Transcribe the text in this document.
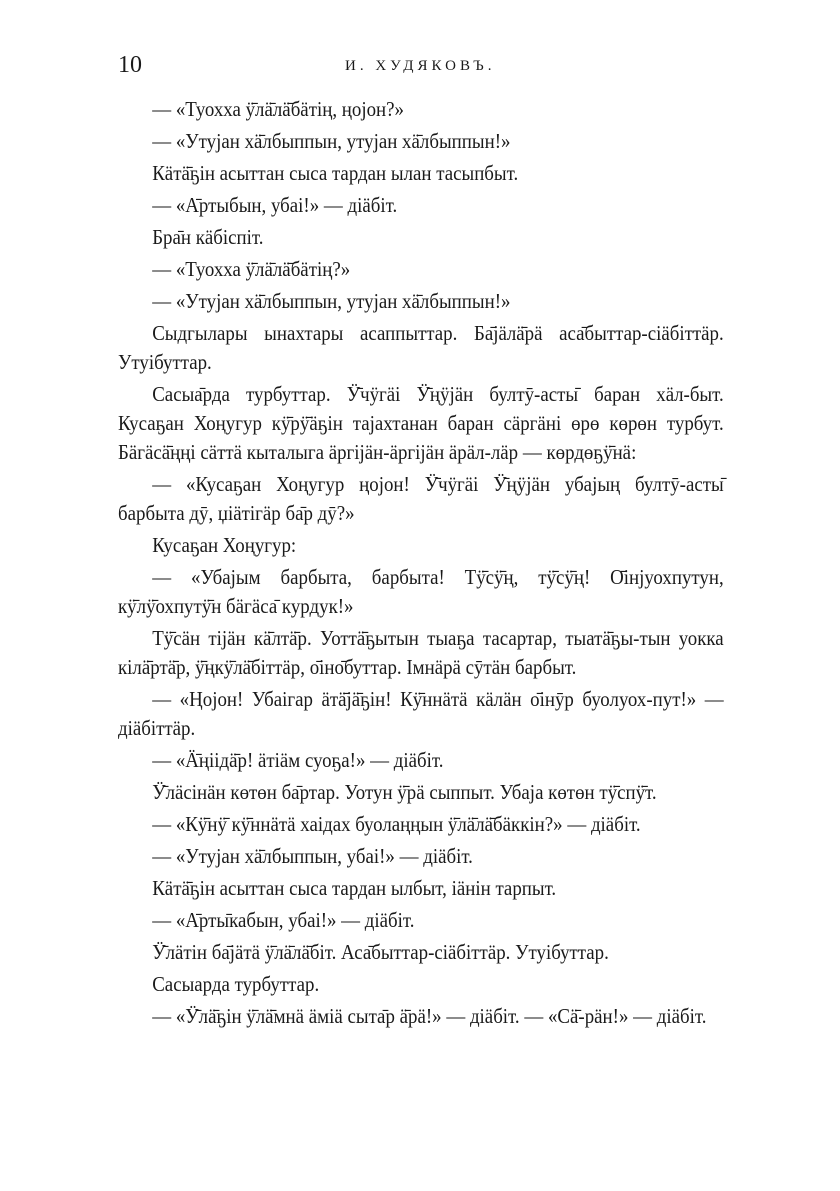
10	И. ХУДЯКОВЪ.

— «Туохха ӱ̄лӓ̄лӓ̄бӓтiң, ңојон?»

— «Утујан хӓ̄лбыппын, утујан хӓ̄лбыппын!»

Кӓтӓ̄ҕiн асыттан сыса тардан ылан тасыпбыт.

— «А̄ртыбын, убаi!» — дiӓбiт.

Бра̄н кӓбiспiт.

— «Туохха ӱ̄лӓ̄лӓ̄бӓтiң?»

— «Утујан хӓ̄лбыппын, утујан хӓ̄лбыппын!»

Сыдгылары ынахтары асаппыттар. Ба̄јӓлӓ̄рӓ аса̄быттар-сiӓбiттӓр. Утуiбуттар.

Сасыа̄рда турбуттар. Ӱ̄чӱгӓi Ӱ̄ңӱјӓн бултӯ-асты̄ баран хӓл-быт. Кусаҕан Хоңугур кӱ̄рӱ̄ӓҕiн таjахтанан баран сӓргӓнi өрө көрөн турбут. Бӓгӓсӓ̄ңңi сӓттӓ кыталыга ӓргiјӓн-ӓргiјӓн ӓрӓл-лӓр — көрдөҕӱ̄нӓ:

— «Кусаҕан Хоңугур ңојон! Ӱ̄чӱгӓi Ӱ̄ңӱјӓн убајың бултӯ-асты̄ барбыта дӯ, џiӓтiгӓр ба̄р дӯ?»

Кусаҕан Хоңугур:

— «Убајым барбыта, барбыта! Тӱ̄сӱ̄ң, тӱ̄сӱ̄ң! О̄iнjуохпутун, кӱ̄лӱ̄охпутӱ̄н бӓгӓса̄ курдук!»

Тӱ̄сӓн тiјӓн кӓ̄лтӓ̄р. Уоттӓ̄ҕытын тыаҕа тасартар, тыатӓ̄ҕы-тын уокка кiлӓ̄ртӓ̄р, ӱ̄ңкӱ̄лӓ̄бiттӓр, о̄iно̄буттар. Iмнӓрӓ сӯтӓн барбыт.

— «Ңојон! Убаiгар ӓтӓ̄јӓ̄ҕiн! Кӱ̄ннӓтӓ кӓлӓн о̄iнӯр буолуох-пут!» — дiӓбiттӓр.

— «Ӓ̄ңiiдӓ̄р! ӓтiӓм суоҕа!» — дiӓбiт.

Ӱ̄лӓсiнӓн көтөн ба̄ртар. Уотун ӱ̄рӓ сыппыт. Убаја көтөн тӱ̄спӱ̄т.

— «Кӱ̄нӱ̄ кӱ̄ннӓтӓ хаiдах буолаңңын ӱ̄лӓ̄лӓ̄бӓккiн?» — дiӓбiт.

— «Утујан хӓ̄лбыппын, убаi!» — дiӓбiт.

Кӓтӓ̄ҕiн асыттан сыса тардан ылбыт, iӓнiн тарпыт.

— «А̄рты̄кабын, убаi!» — дiӓбiт.

Ӱ̄лӓтiн ба̄јӓтӓ ӱ̄лӓ̄лӓ̄бiт. Аса̄быттар-сiӓбiттӓр. Утуiбуттар.

Сасыарда турбуттар.

— «Ӱ̄лӓ̄ҕiн ӱ̄лӓ̄мнӓ ӓмiӓ сыта̄р ӓ̄рӓ!» — дiӓбiт. — «Сӓ̄-рӓн!» — дiӓбiт.
